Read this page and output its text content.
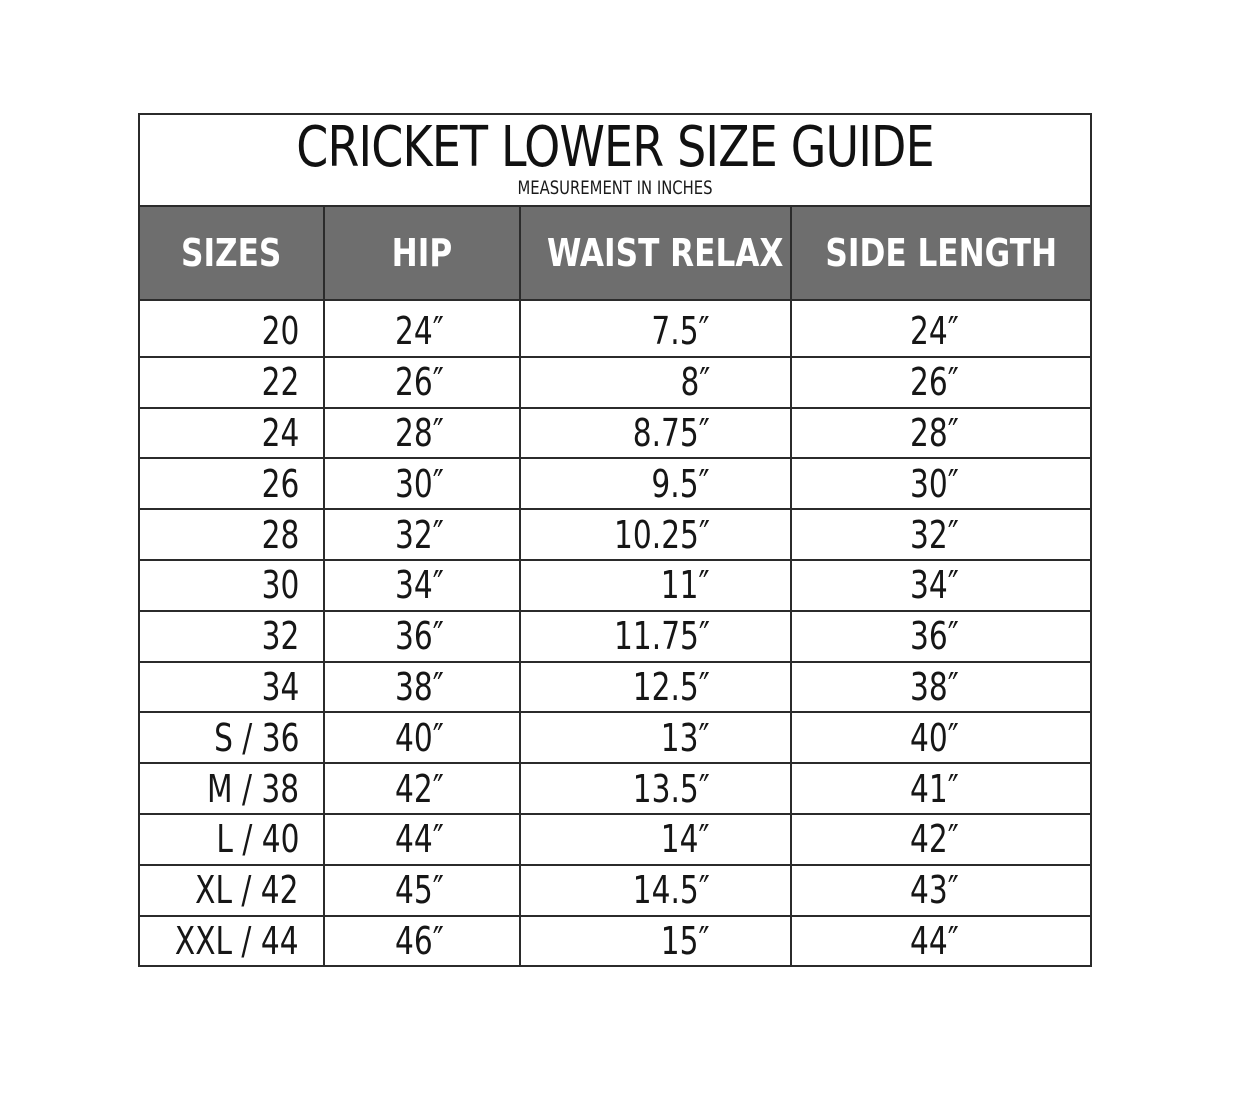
CRICKET LOWER SIZE GUIDE
MEASUREMENT IN INCHES
SIZES	HIP	WAIST RELAX	SIDE LENGTH

20	24″	7.5″	24″
22	26″	8″	26″
24	28″	8.75″	28″
26	30″	9.5″	30″
28	32″	10.25″	32″
30	34″	11″	34″
32	36″	11.75″	36″
34	38″	12.5″	38″
S / 36	40″	13″	40″
M / 38	42″	13.5″	41″
L / 40	44″	14″	42″
XL / 42	45″	14.5″	43″
XXL / 44	46″	15″	44″
